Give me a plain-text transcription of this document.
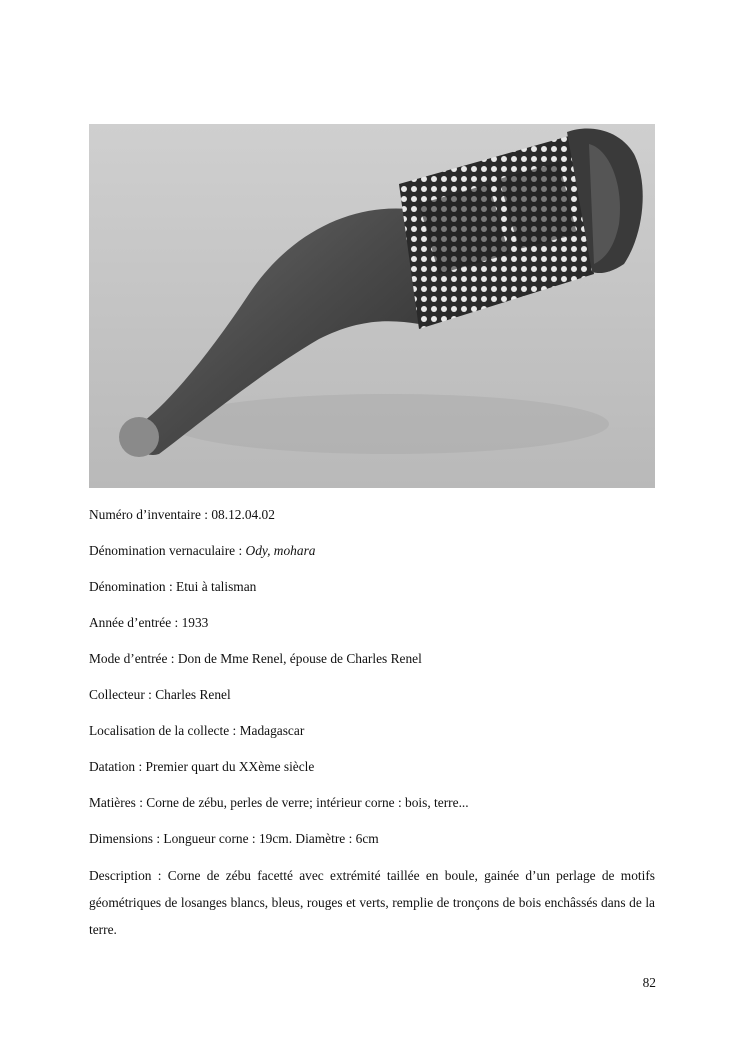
Numéro d’inventaire : 08.12.04.02
Dénomination vernaculaire : Ody, mohara
Dénomination : Etui à talisman
Année d’entrée : 1933
Mode d’entrée : Don de Mme Renel, épouse de Charles Renel
Collecteur : Charles Renel
Localisation de la collecte : Madagascar
Datation : Premier quart du XXème siècle
Matières : Corne de zébu, perles de verre; intérieur corne : bois, terre...
Dimensions : Longueur corne : 19cm. Diamètre : 6cm
Description : Corne de zébu facetté avec extrémité taillée en boule, gainée d’un perlage de motifs géométriques de losanges blancs, bleus, rouges et verts, remplie de tronçons de bois enchâssés dans de la terre.
82
